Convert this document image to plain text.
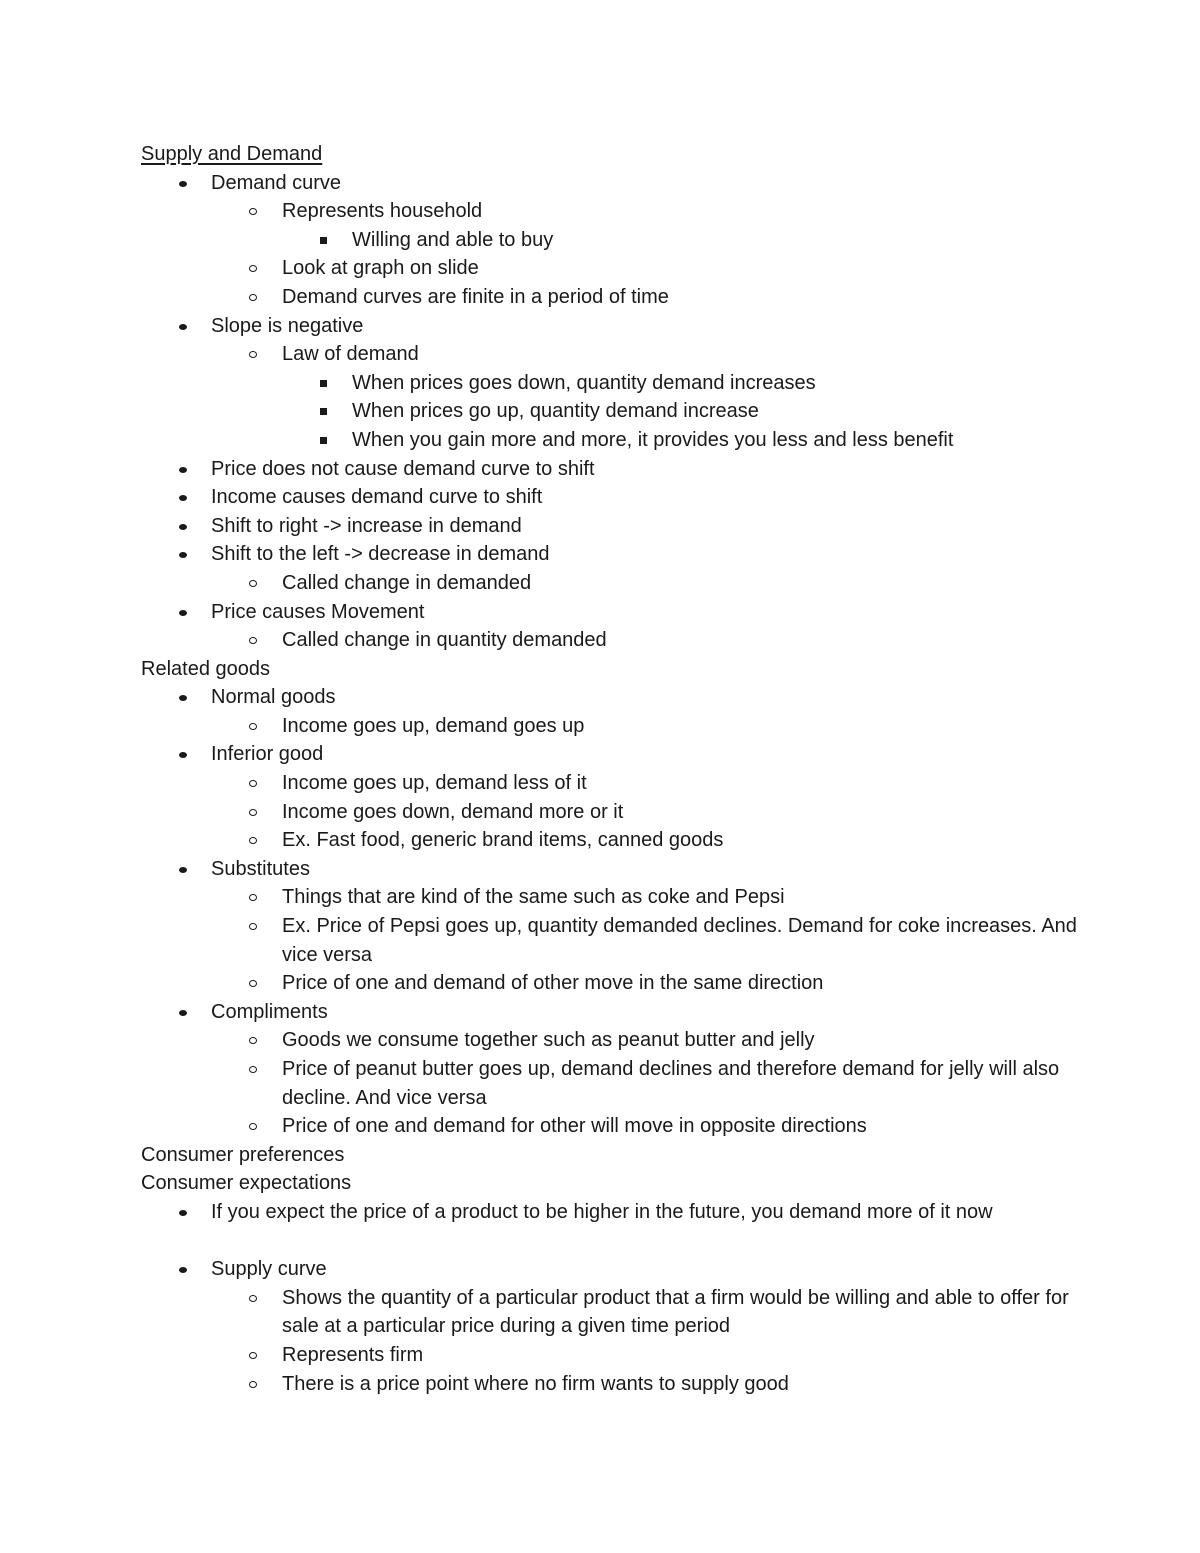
Supply and Demand
Demand curve
Represents household
Willing and able to buy
Look at graph on slide
Demand curves are finite in a period of time
Slope is negative
Law of demand
When prices goes down, quantity demand increases
When prices go up, quantity demand increase
When you gain more and more, it provides you less and less benefit
Price does not cause demand curve to shift
Income causes demand curve to shift
Shift to right -> increase in demand
Shift to the left -> decrease in demand
Called change in demanded
Price causes Movement
Called change in quantity demanded
Related goods
Normal goods
Income goes up, demand goes up
Inferior good
Income goes up, demand less of it
Income goes down, demand more or it
Ex. Fast food, generic brand items, canned goods
Substitutes
Things that are kind of the same such as coke and Pepsi
Ex. Price of Pepsi goes up, quantity demanded declines. Demand for coke increases. And vice versa
Price of one and demand of other move in the same direction
Compliments
Goods we consume together such as peanut butter and jelly
Price of peanut butter goes up, demand declines and therefore demand for jelly will also decline. And vice versa
Price of one and demand for other will move in opposite directions
Consumer preferences
Consumer expectations
If you expect the price of a product to be higher in the future, you demand more of it now
Supply curve
Shows the quantity of a particular product that a firm would be willing and able to offer for sale at a particular price during a given time period
Represents firm
There is a price point where no firm wants to supply good
